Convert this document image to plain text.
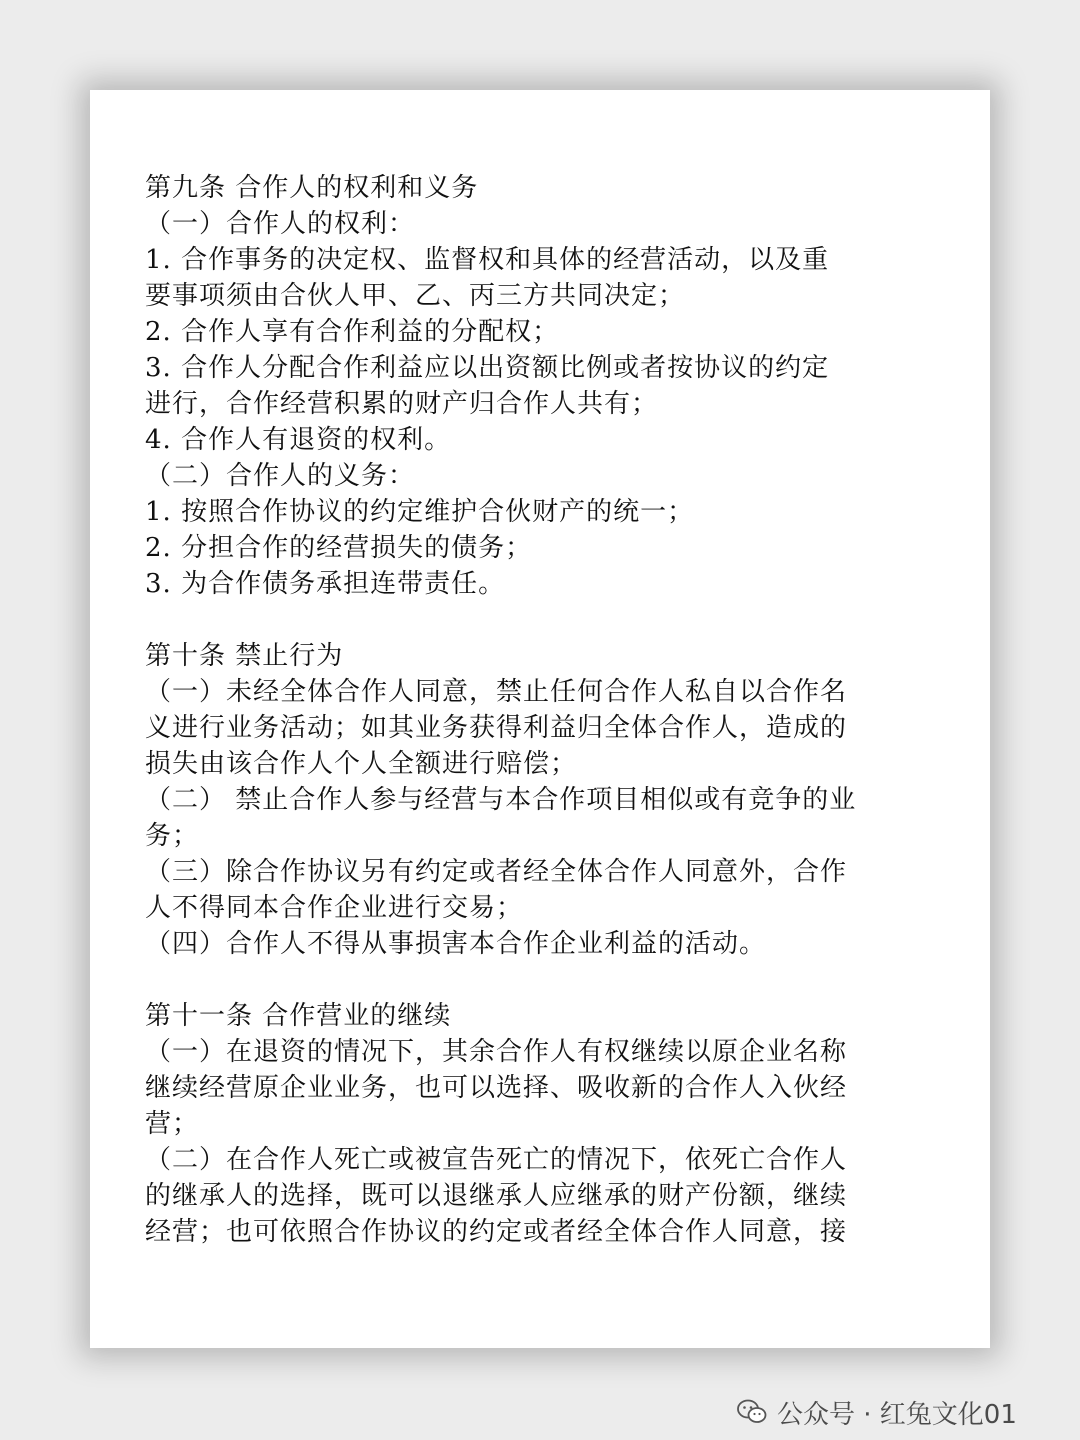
第九条 合作人的权利和义务
（一）合作人的权利：
1. 合作事务的决定权、监督权和具体的经营活动，以及重
要事项须由合伙人甲、乙、丙三方共同决定；
2. 合作人享有合作利益的分配权；
3. 合作人分配合作利益应以出资额比例或者按协议的约定
进行，合作经营积累的财产归合作人共有；
4. 合作人有退资的权利。
（二）合作人的义务：
1. 按照合作协议的约定维护合伙财产的统一；
2. 分担合作的经营损失的债务；
3. 为合作债务承担连带责任。
第十条 禁止行为
（一）未经全体合作人同意，禁止任何合作人私自以合作名
义进行业务活动；如其业务获得利益归全体合作人，造成的
损失由该合作人个人全额进行赔偿；
（二） 禁止合作人参与经营与本合作项目相似或有竞争的业
务；
（三）除合作协议另有约定或者经全体合作人同意外，合作
人不得同本合作企业进行交易；
（四）合作人不得从事损害本合作企业利益的活动。
第十一条 合作营业的继续
（一）在退资的情况下，其余合作人有权继续以原企业名称
继续经营原企业业务，也可以选择、吸收新的合作人入伙经
营；
（二）在合作人死亡或被宣告死亡的情况下，依死亡合作人
的继承人的选择，既可以退继承人应继承的财产份额，继续
经营；也可依照合作协议的约定或者经全体合作人同意，接
公众号 · 红兔文化01
